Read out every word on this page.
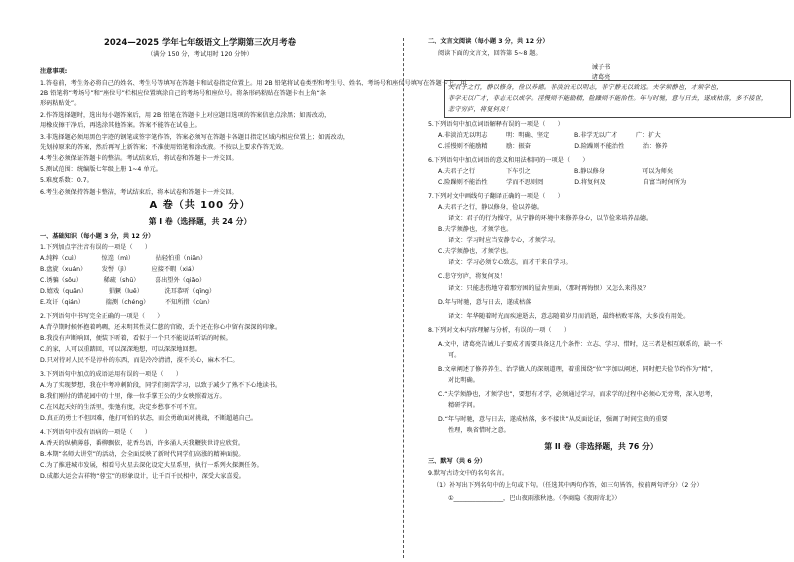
2024—2025 学年七年级语文上学期第三次月考卷
（满分 150 分，考试用时 120 分钟）
注意事项:
1.答卷前，考生务必将自己的姓名、考生号等填写在答题卡和试卷指定位置上。用 2B 铅笔将试卷类型和考生号、姓名、考场号和座位号填写在答题卡上。用
2B 铅笔将“考场号”和“座位号”栏相应位置填涂自己的考场号和座位号。将条形码粘贴在答题卡右上角“条
形码粘贴处”。
2.作答选择题时，选出每小题答案后，用 2B 铅笔在答题卡上对应题目选项的答案信息点涂黑；如需改动，
用橡皮擦干净后，再选涂其他答案。答案不能答在试卷上。
3.非选择题必须用黑色字迹的钢笔或签字笔作答，答案必须写在答题卡各题目指定区域内相应位置上；如需改动，
先划掉原来的答案，然后再写上新答案；不准使用铅笔和涂改液。不按以上要求作答无效。
4.考生必须保证答题卡的整洁。考试结束后，将试卷和答题卡一并交回。
5.测试范围：统编版七年级上册 1~4 单元。
5.难度系数：0.7。
6.考生必须保持答题卡整洁，考试结束后，将本试卷和答题卡一并交回。
A 卷（共 100 分）
第 I 卷（选择题，共 24 分）
一、基础知识（每小题 3 分，共 12 分）
1.下列加点字注音有误的一项是（　　）
A.纯粹（cuì）　　　　惊遑（mì）　　　　拈轻怕重（niān）
B.盘旋（xuán）　　　发髻（jì）　　　　应接不暇（xiá）
C.诱骗（sōu）　　　　稀疏（shū）　　　喜出望外（qiǎo）
D.嬉戏（quān）　　　　猖獗（luē）　　　　洗耳恭听（qīng）
E.攻讦（qián）　　　　揣测（chéng）　　　不知所措（cùn）
2.下列语句中书写完全正确的一项是（　　）
A.背孕期时候怀抱着鸣啁，还未明其性灵仁慈的宫殿，丢个还在你心中留有深深的印象。
B.我没有声断响回，便装下听着，看似于一个只不能说话听话的时候。
C.的家，人可以重踏回，可以深深地想，可以深深地回想。
D.只对待对人民不是淳朴的东西，而是冷冷清清，漠不关心，麻木不仁。
3.下列语句中加点的成语运用有误的一项是（　　）
A.为了实现梦想，我在中考冲刺阶段，同学们刻苦学习，以致于减少了熟不下心地读书。
B.我们刚付的错花园中的十里，像一位手掌王公的少女映照着远方。
C.在风起天好的生活里，张弛有度，决定乡愁事不可不宜。
D.真正的勇士不但因难，他打可怕的状态，而会勇敢面对挑战，不断超越自己。
4.下列语句中没有语病的一项是（　　）
A.香天的纵横薄暮，番柳飘依，花香鸟语，许多涌人天我鞭狭世诗应欣赏。
B.本期“名师大讲堂”的活动，会全面反映了新时代同学们高涨的精神面貌。
C.为了推进城市发展，相看号火星去深化设定大星系里，执行一系列火探测任务。
D.成都大运会吉祥物“蓉宝”的形象设计，让千百千民相中，深受大家喜爱。
二、文言文阅读（每小题 3 分，共 12 分）
阅读下面的文言文，回答第 5~8 题。
诫子书
诸葛亮
夫君子之行，静以修身，俭以养德。非淡泊无以明志，非宁静无以致远。夫学须静也，才须学也，
非学无以广才，非志无以成学。淫慢则不能励精，险躁则不能治性。年与时驰，意与日去，遂成枯落，多不接世，
悲守穷庐，将复何及！
5.下列语句中加点词语解释有误的一项是（　　）
A.非淡泊无以明志　　　明：明确、坚定　　　　B.非学无以广才　　　广：扩大
C.淫慢则不能励精　　　励：振奋　　　　　　　D.险躁则不能治性　　　治：修养
6.下列语句中加点词语的意义和用法相同的一项是（　　）
A.夫君子之行　　　　　下车引之　　　　　　　B.静以修身　　　　　　可以为师矣
C.险躁则不能治性　　　学而不思则罔　　　　　D.将复何及　　　　　　自富当时何所为
7.下列对文中画线句子翻译正确的一项是（　　）
A.夫君子之行，静以修身，俭以养德。
译文：君子的行为操守，从宁静的环境中来修养身心，以节俭来培养品德。
B.夫学须静也，才须学也。
译文：学习时应当安静专心，才须学习。
C.夫学须静也，才须学也。
译文：学习必须专心致志，而才干来自学习。
C.悲守穷庐，将复何及！
译文：只能悲伤地守着那穷困的屋舍里面，（那时再悔恨）又怎么来得及？
D.年与时驰，意与日去，遂成枯落
译文：年华随着时光而疾速逝去，意志随着岁月而消逝，最终枯败零落，大多没有用处。
8.下列对文本内容理解与分析，有误的一项（　　）
A.文中，诸葛亮告诫儿子要成才需要具备这几个条件：立志、学习、惜时，这三者是相互联系的，缺一不
可。
B.文章阐述了修养养生、治学做人的深刻道理，着重围绕“位”字加以阐述，同时把夫俭节约作为“精”，
对比明确。
C.“夫学须静也，才须学也”，要想有才学，必须通过学习，而求学的过程中必须心无旁骛，深入思考，
精研学问。
D.“年与时驰，意与日去，遂成枯落，多不接世”从反面论证，强调了时间宝贵的重要
性理，唤省惜时之意。
第 II 卷（非选择题，共 76 分）
三、默写（共 6 分）
9.默写古诗文中的名句名言。
（1）补写出下列名句中的上句或下句。（任选其中两句作答，如三句皆答，按前两句评分）（2 分）
①________________，巴山夜雨涨秋池。（李商隐《夜雨寄北》）
